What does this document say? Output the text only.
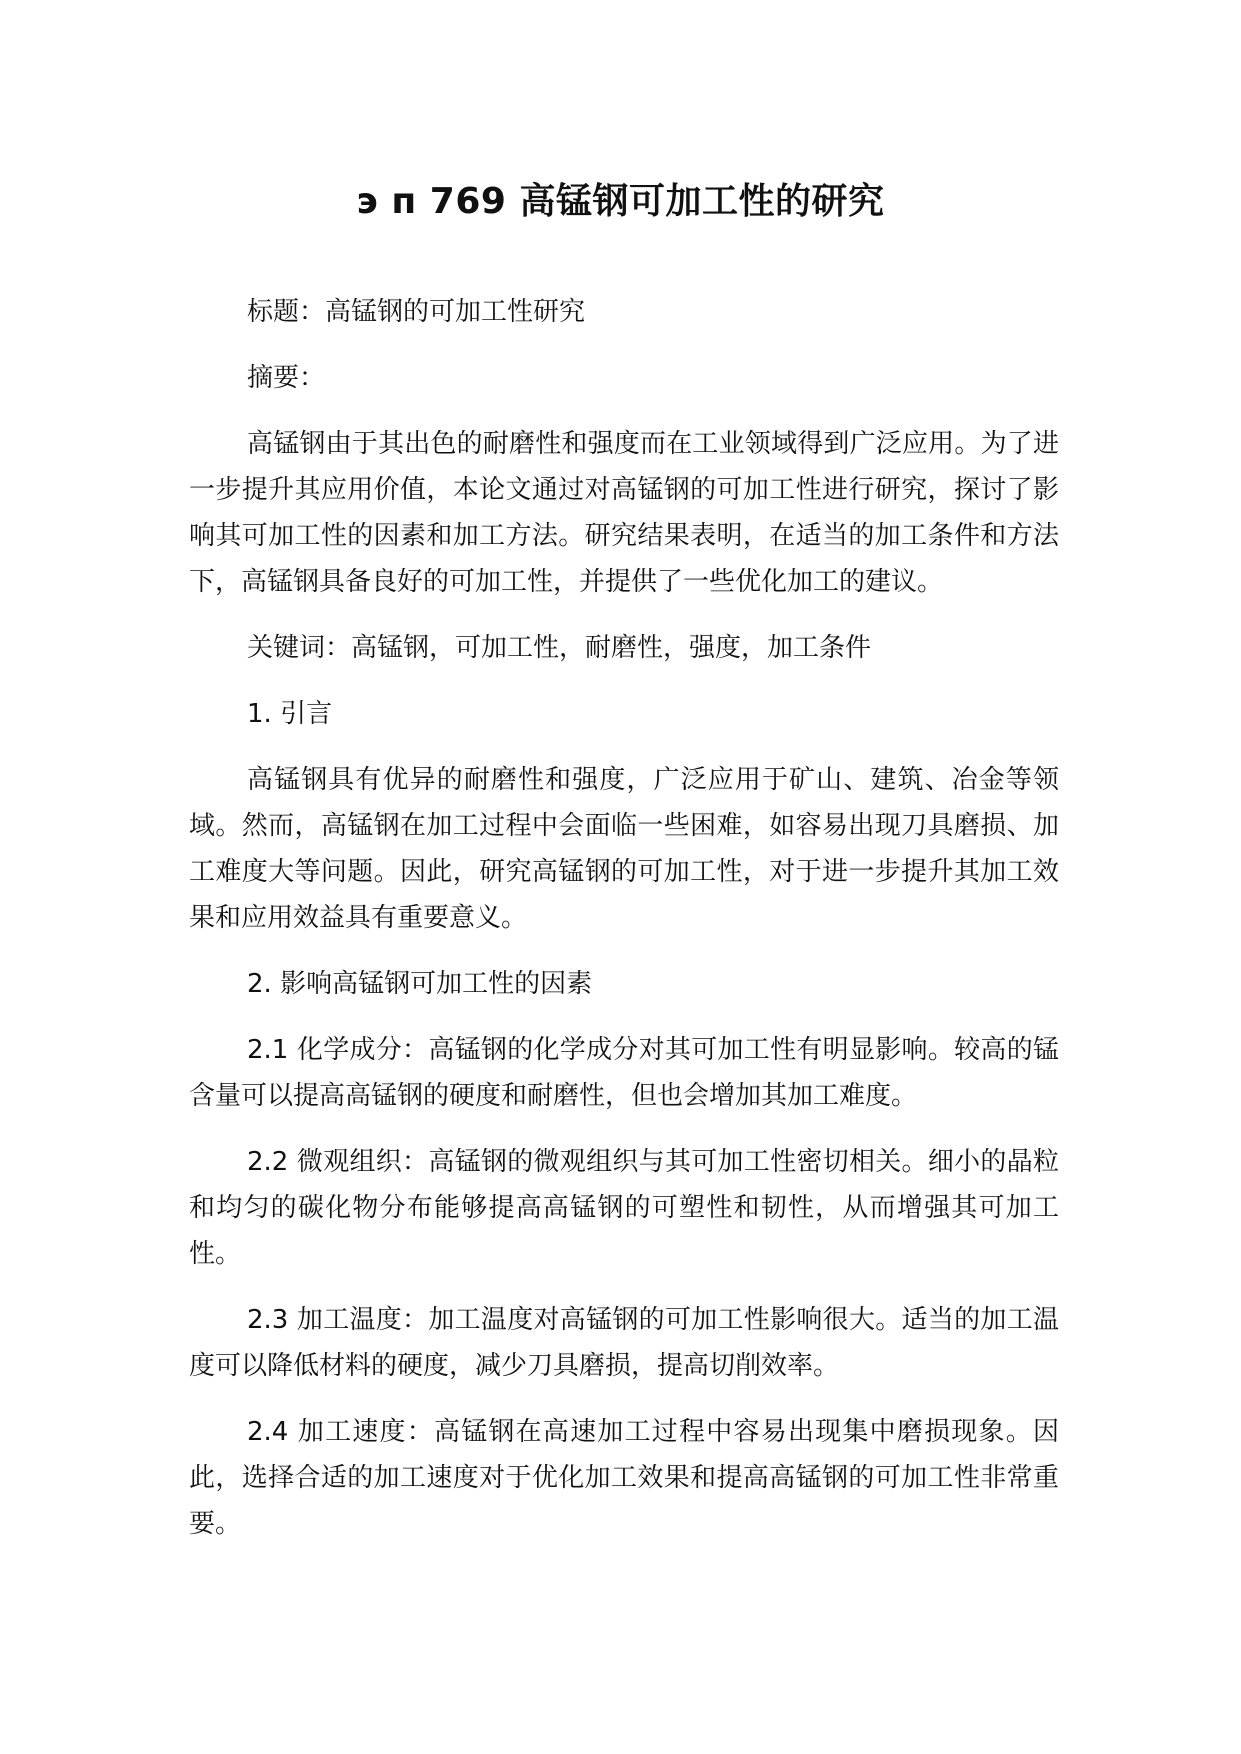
э п 769 高锰钢可加工性的研究

标题：高锰钢的可加工性研究

摘要：

高锰钢由于其出色的耐磨性和强度而在工业领域得到广泛应用。为了进一步提升其应用价值，本论文通过对高锰钢的可加工性进行研究，探讨了影响其可加工性的因素和加工方法。研究结果表明，在适当的加工条件和方法下，高锰钢具备良好的可加工性，并提供了一些优化加工的建议。

关键词：高锰钢，可加工性，耐磨性，强度，加工条件

1. 引言

高锰钢具有优异的耐磨性和强度，广泛应用于矿山、建筑、冶金等领域。然而，高锰钢在加工过程中会面临一些困难，如容易出现刀具磨损、加工难度大等问题。因此，研究高锰钢的可加工性，对于进一步提升其加工效果和应用效益具有重要意义。

2. 影响高锰钢可加工性的因素

2.1 化学成分：高锰钢的化学成分对其可加工性有明显影响。较高的锰含量可以提高高锰钢的硬度和耐磨性，但也会增加其加工难度。

2.2 微观组织：高锰钢的微观组织与其可加工性密切相关。细小的晶粒和均匀的碳化物分布能够提高高锰钢的可塑性和韧性，从而增强其可加工性。

2.3 加工温度：加工温度对高锰钢的可加工性影响很大。适当的加工温度可以降低材料的硬度，减少刀具磨损，提高切削效率。

2.4 加工速度：高锰钢在高速加工过程中容易出现集中磨损现象。因此，选择合适的加工速度对于优化加工效果和提高高锰钢的可加工性非常重要。
